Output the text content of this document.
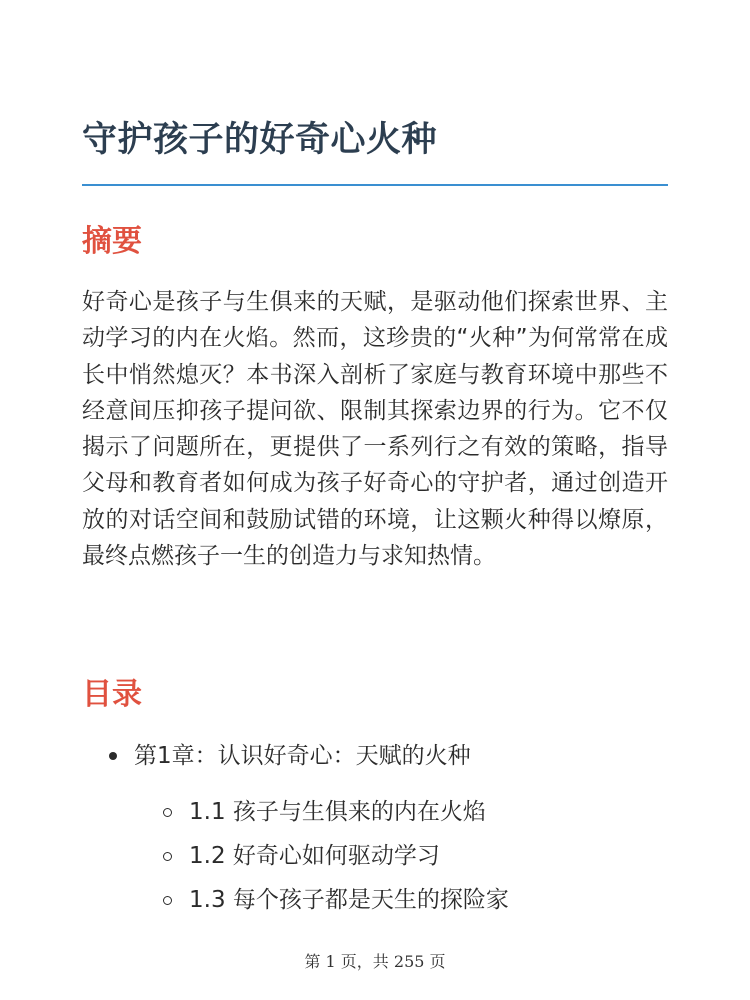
守护孩子的好奇心火种
摘要

好奇心是孩子与生俱来的天赋，是驱动他们探索世界、主动学习的内在火焰。然而，这珍贵的“火种”为何常常在成长中悄然熄灭？本书深入剖析了家庭与教育环境中那些不经意间压抑孩子提问欲、限制其探索边界的行为。它不仅揭示了问题所在，更提供了一系列行之有效的策略，指导父母和教育者如何成为孩子好奇心的守护者，通过创造开放的对话空间和鼓励试错的环境，让这颗火种得以燎原，最终点燃孩子一生的创造力与求知热情。

目录
第1章：认识好奇心：天赋的火种
1.1 孩子与生俱来的内在火焰
1.2 好奇心如何驱动学习
1.3 每个孩子都是天生的探险家
第 1 页，共 255 页
